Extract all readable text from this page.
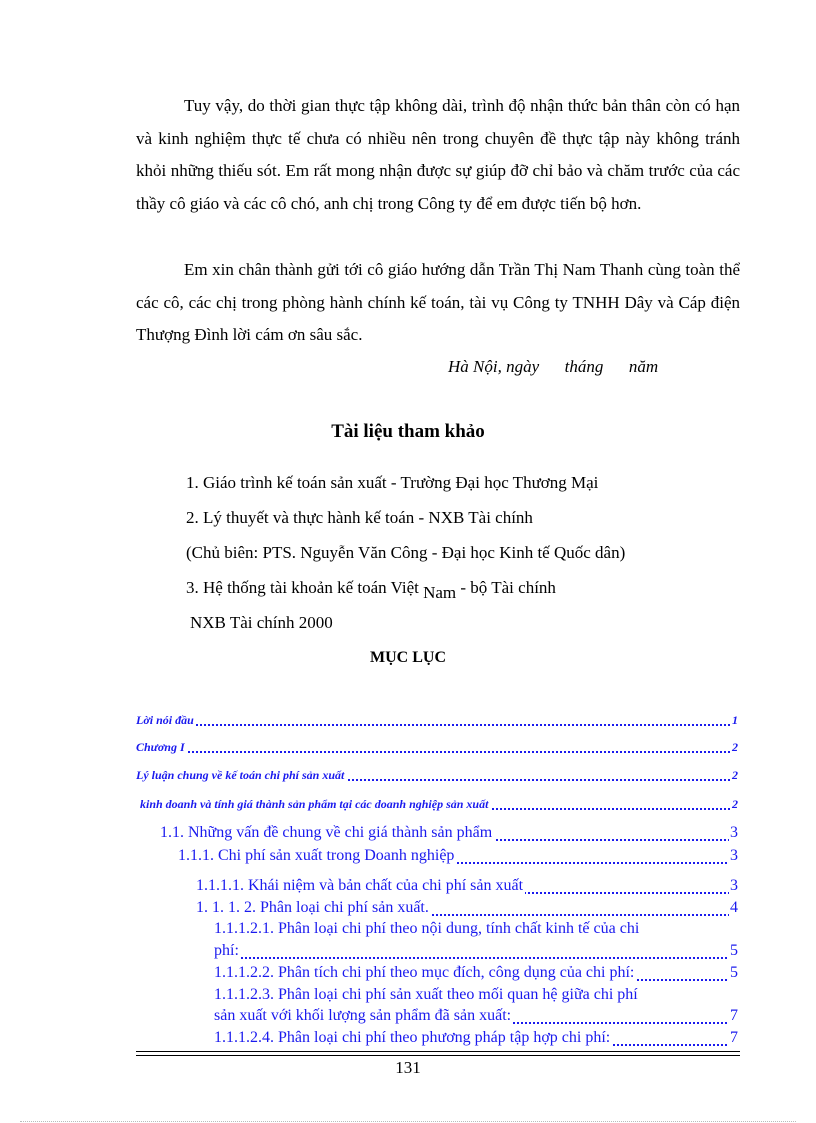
Tuy vậy, do thời gian thực tập không dài, trình độ nhận thức bản thân còn có hạn và kinh nghiệm thực tế chưa có nhiều nên trong chuyên đề thực tập này không tránh khỏi những thiếu sót. Em rất mong nhận được sự giúp đỡ chỉ bảo và chăm trước của các thầy cô giáo và các cô chó, anh chị trong Công ty để em được tiến bộ hơn.

Em xin chân thành gửi tới cô giáo hướng dẫn Trần Thị Nam Thanh cùng toàn thể các cô, các chị trong phòng hành chính kế toán, tài vụ Công ty TNHH Dây và Cáp điện Thượng Đình lời cám ơn sâu sắc.

Hà Nội, ngày tháng năm
Tài liệu tham khảo
1. Giáo trình kế toán sản xuất - Trường Đại học Thương Mại
2. Lý thuyết và thực hành kế toán - NXB Tài chính
(Chủ biên: PTS. Nguyễn Văn Công - Đại học Kinh tế Quốc dân)
3. Hệ thống tài khoản kế toán Việt Nam - bộ Tài chính
NXB Tài chính 2000
MỤC LỤC
Lời nói đầu	1
Chương I	2
Lý luận chung về kế toán chi phí sản xuất	2
kinh doanh và tính giá thành sản phẩm tại các doanh nghiệp sản xuất	2
1.1. Những vấn đề chung về chi giá thành sản phẩm	3
1.1.1. Chi phí sản xuất trong Doanh nghiệp	3
1.1.1.1. Khái niệm và bản chất của chi phí sản xuất	3
1. 1. 1. 2. Phân loại chi phí sản xuất.	4
1.1.1.2.1. Phân loại chi phí theo nội dung, tính chất kinh tế của chi
phí:	5
1.1.1.2.2. Phân tích chi phí theo mục đích, công dụng của chi phí:	5
1.1.1.2.3. Phân loại chi phí sản xuất theo mối quan hệ giữa chi phí
sản xuất với khối lượng sản phẩm đã sản xuất:	7
1.1.1.2.4. Phân loại chi phí theo phương pháp tập hợp chi phí:	7
131
